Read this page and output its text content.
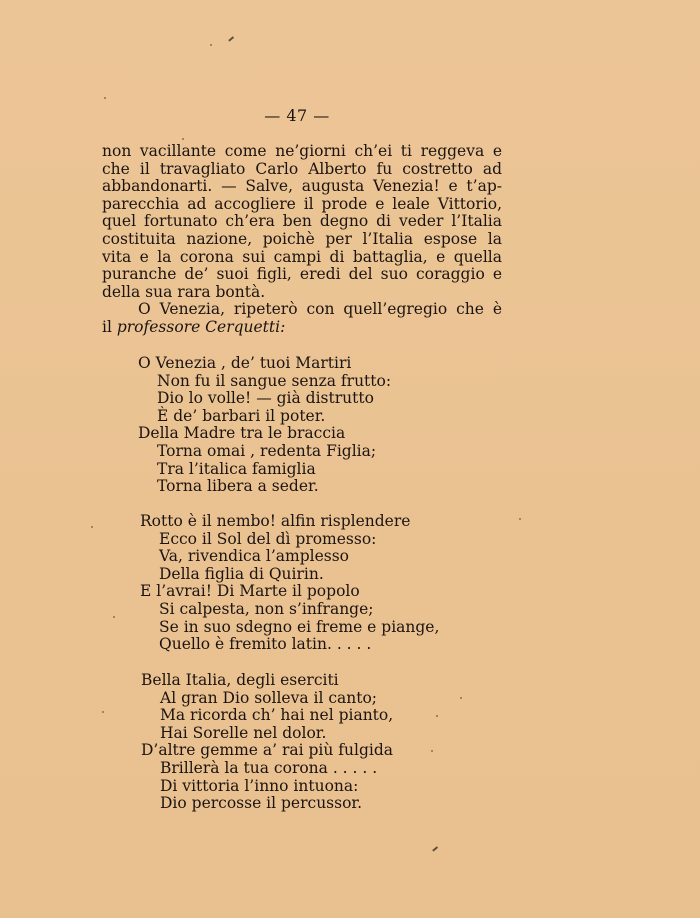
— 47 —
non vacillante come ne’giorni ch’ei ti reggeva e
che il travagliato Carlo Alberto fu costretto ad
abbandonarti. — Salve, augusta Venezia! e t’ap-
parecchia ad accogliere il prode e leale Vittorio,
quel fortunato ch’era ben degno di veder l’Italia
costituita nazione, poichè per l’Italia espose la
vita e la corona sui campi di battaglia, e quella
puranche de’ suoi figli, eredi del suo coraggio e
della sua rara bontà.
O Venezia, ripeterò con quell’egregio che è
il professore Cerquetti:
O Venezia , de’ tuoi Martiri
Non fu il sangue senza frutto:
Dio lo volle! — già distrutto
È de’ barbari il poter.
Della Madre tra le braccia
Torna omai , redenta Figlia;
Tra l’italica famiglia
Torna libera a seder.
Rotto è il nembo! alfin risplendere
Ecco il Sol del dì promesso:
Va, rivendica l’amplesso
Della figlia di Quirin.
E l’avrai! Di Marte il popolo
Si calpesta, non s’infrange;
Se in suo sdegno ei freme e piange,
Quello è fremito latin. . . . .
Bella Italia, degli eserciti
Al gran Dio solleva il canto;
Ma ricorda ch’ hai nel pianto,
Hai Sorelle nel dolor.
D’altre gemme a’ rai più fulgida
Brillerà la tua corona . . . . .
Di vittoria l’inno intuona:
Dio percosse il percussor.
